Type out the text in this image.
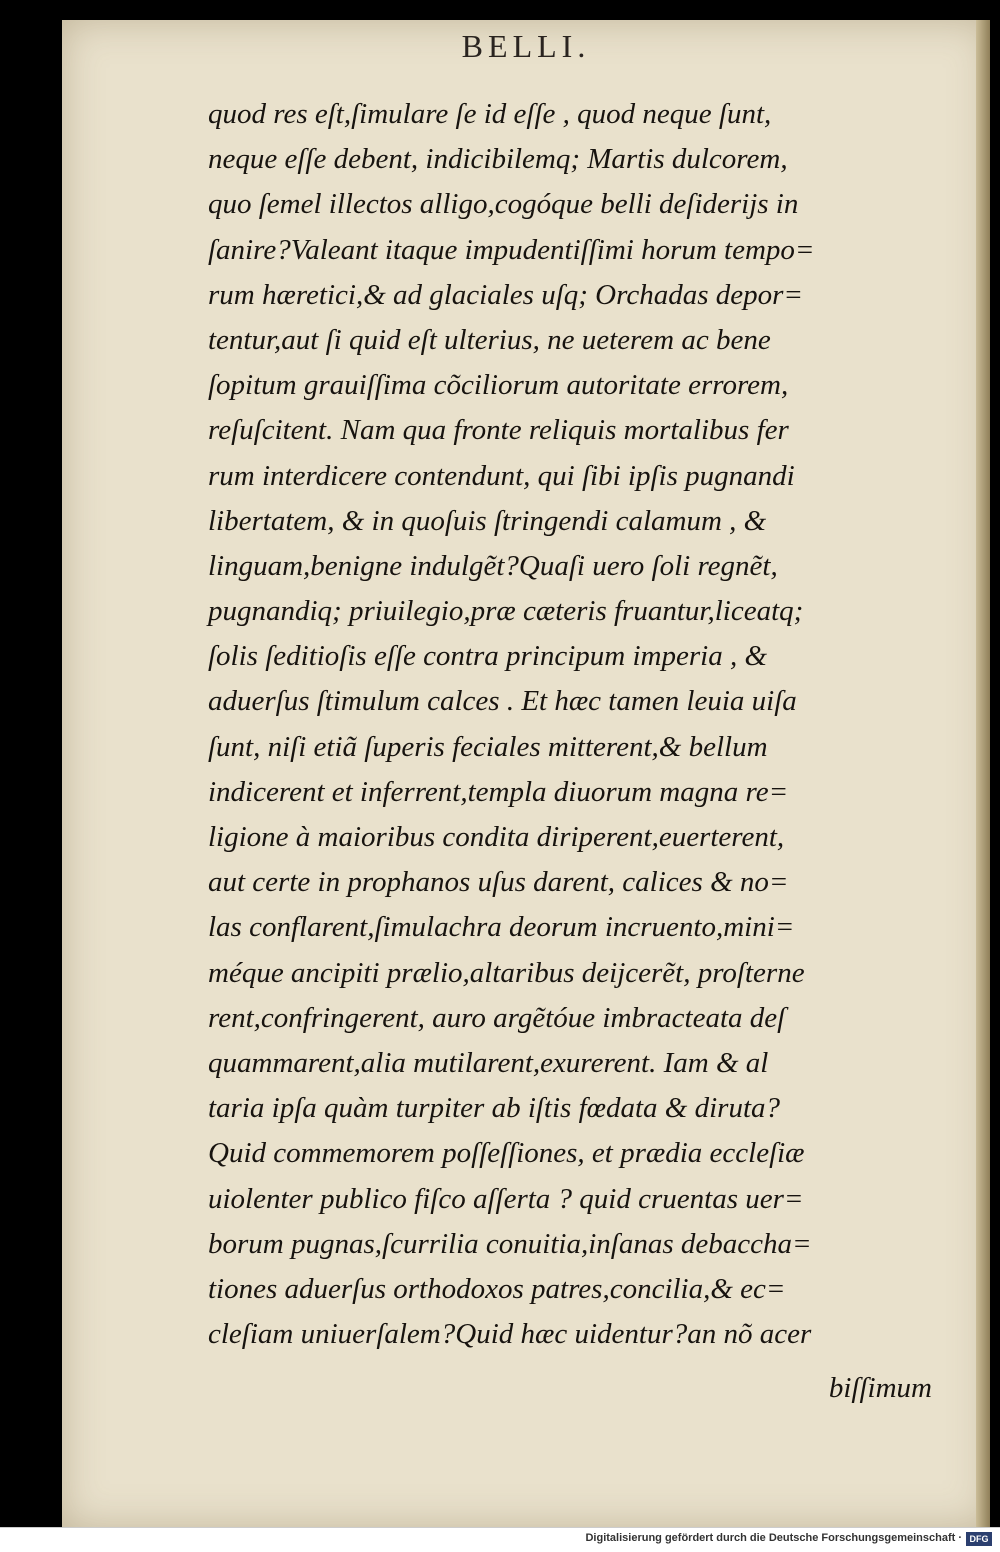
BELLI.
quod res eſt,ſimulare ſe id eſſe , quod neque ſunt,
neque eſſe debent, indicibilemq; Martis dulcorem,
quo ſemel illectos alligo,cogóque belli deſiderijs in
ſanire?Valeant itaque impudentiſſimi horum tempo=
rum hæretici,& ad glaciales uſq; Orchadas depor=
tentur,aut ſi quid eſt ulterius, ne ueterem ac bene
ſopitum grauiſſima cõciliorum autoritate errorem,
reſuſcitent. Nam qua fronte reliquis mortalibus fer
rum interdicere contendunt, qui ſibi ipſis pugnandi
libertatem, & in quoſuis ſtringendi calamum , &
linguam,benigne indulgẽt?Quaſi uero ſoli regnẽt,
pugnandiq; priuilegio,præ cæteris fruantur,liceatq;
ſolis ſeditioſis eſſe contra principum imperia , &
aduerſus ſtimulum calces . Et hæc tamen leuia uiſa
ſunt, niſi etiã ſuperis feciales mitterent,& bellum
indicerent et inferrent,templa diuorum magna re=
ligione à maioribus condita diriperent,euerterent,
aut certe in prophanos uſus darent, calices & no=
las conflarent,ſimulachra deorum incruento,mini=
méque ancipiti prælio,altaribus deijcerẽt, proſterne
rent,confringerent, auro argẽtóue imbracteata deſ
quammarent,alia mutilarent,exurerent. Iam & al
taria ipſa quàm turpiter ab iſtis fœdata & diruta?
Quid commemorem poſſeſſiones, et prædia eccleſiæ
uiolenter publico fiſco aſſerta ? quid cruentas uer=
borum pugnas,ſcurrilia conuitia,inſanas debaccha=
tiones aduerſus orthodoxos patres,concilia,& ec=
cleſiam uniuerſalem?Quid hæc uidentur?an nõ acer
biſſimum
Digitalisierung gefördert durch die Deutsche Forschungsgemeinschaft · DFG
